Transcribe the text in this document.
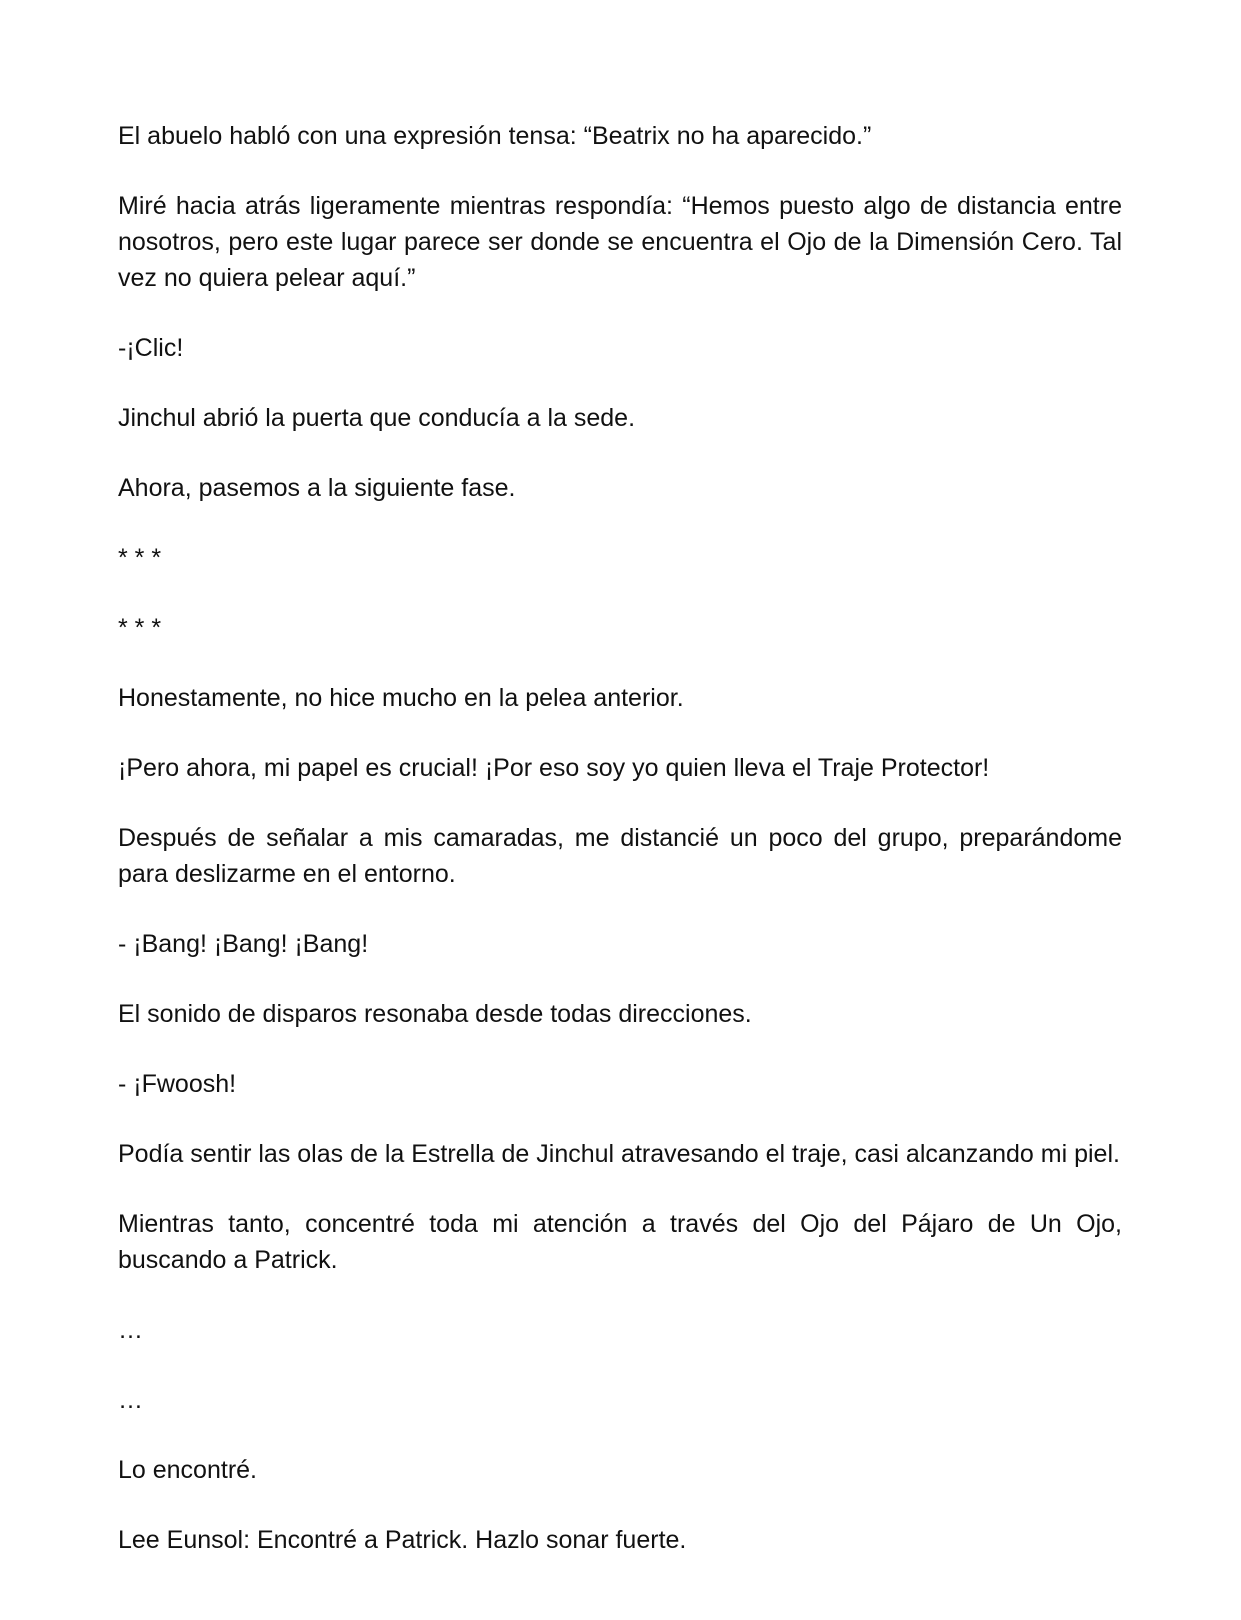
El abuelo habló con una expresión tensa: “Beatrix no ha aparecido.”

Miré hacia atrás ligeramente mientras respondía: “Hemos puesto algo de distancia entre nosotros, pero este lugar parece ser donde se encuentra el Ojo de la Dimensión Cero. Tal vez no quiera pelear aquí.”

-¡Clic!

Jinchul abrió la puerta que conducía a la sede.

Ahora, pasemos a la siguiente fase.

* * *

* * *

Honestamente, no hice mucho en la pelea anterior.

¡Pero ahora, mi papel es crucial! ¡Por eso soy yo quien lleva el Traje Protector!

Después de señalar a mis camaradas, me distancié un poco del grupo, preparándome para deslizarme en el entorno.

- ¡Bang! ¡Bang! ¡Bang!

El sonido de disparos resonaba desde todas direcciones.

- ¡Fwoosh!

Podía sentir las olas de la Estrella de Jinchul atravesando el traje, casi alcanzando mi piel.

Mientras tanto, concentré toda mi atención a través del Ojo del Pájaro de Un Ojo, buscando a Patrick.

…

…

Lo encontré.

Lee Eunsol: Encontré a Patrick. Hazlo sonar fuerte.
